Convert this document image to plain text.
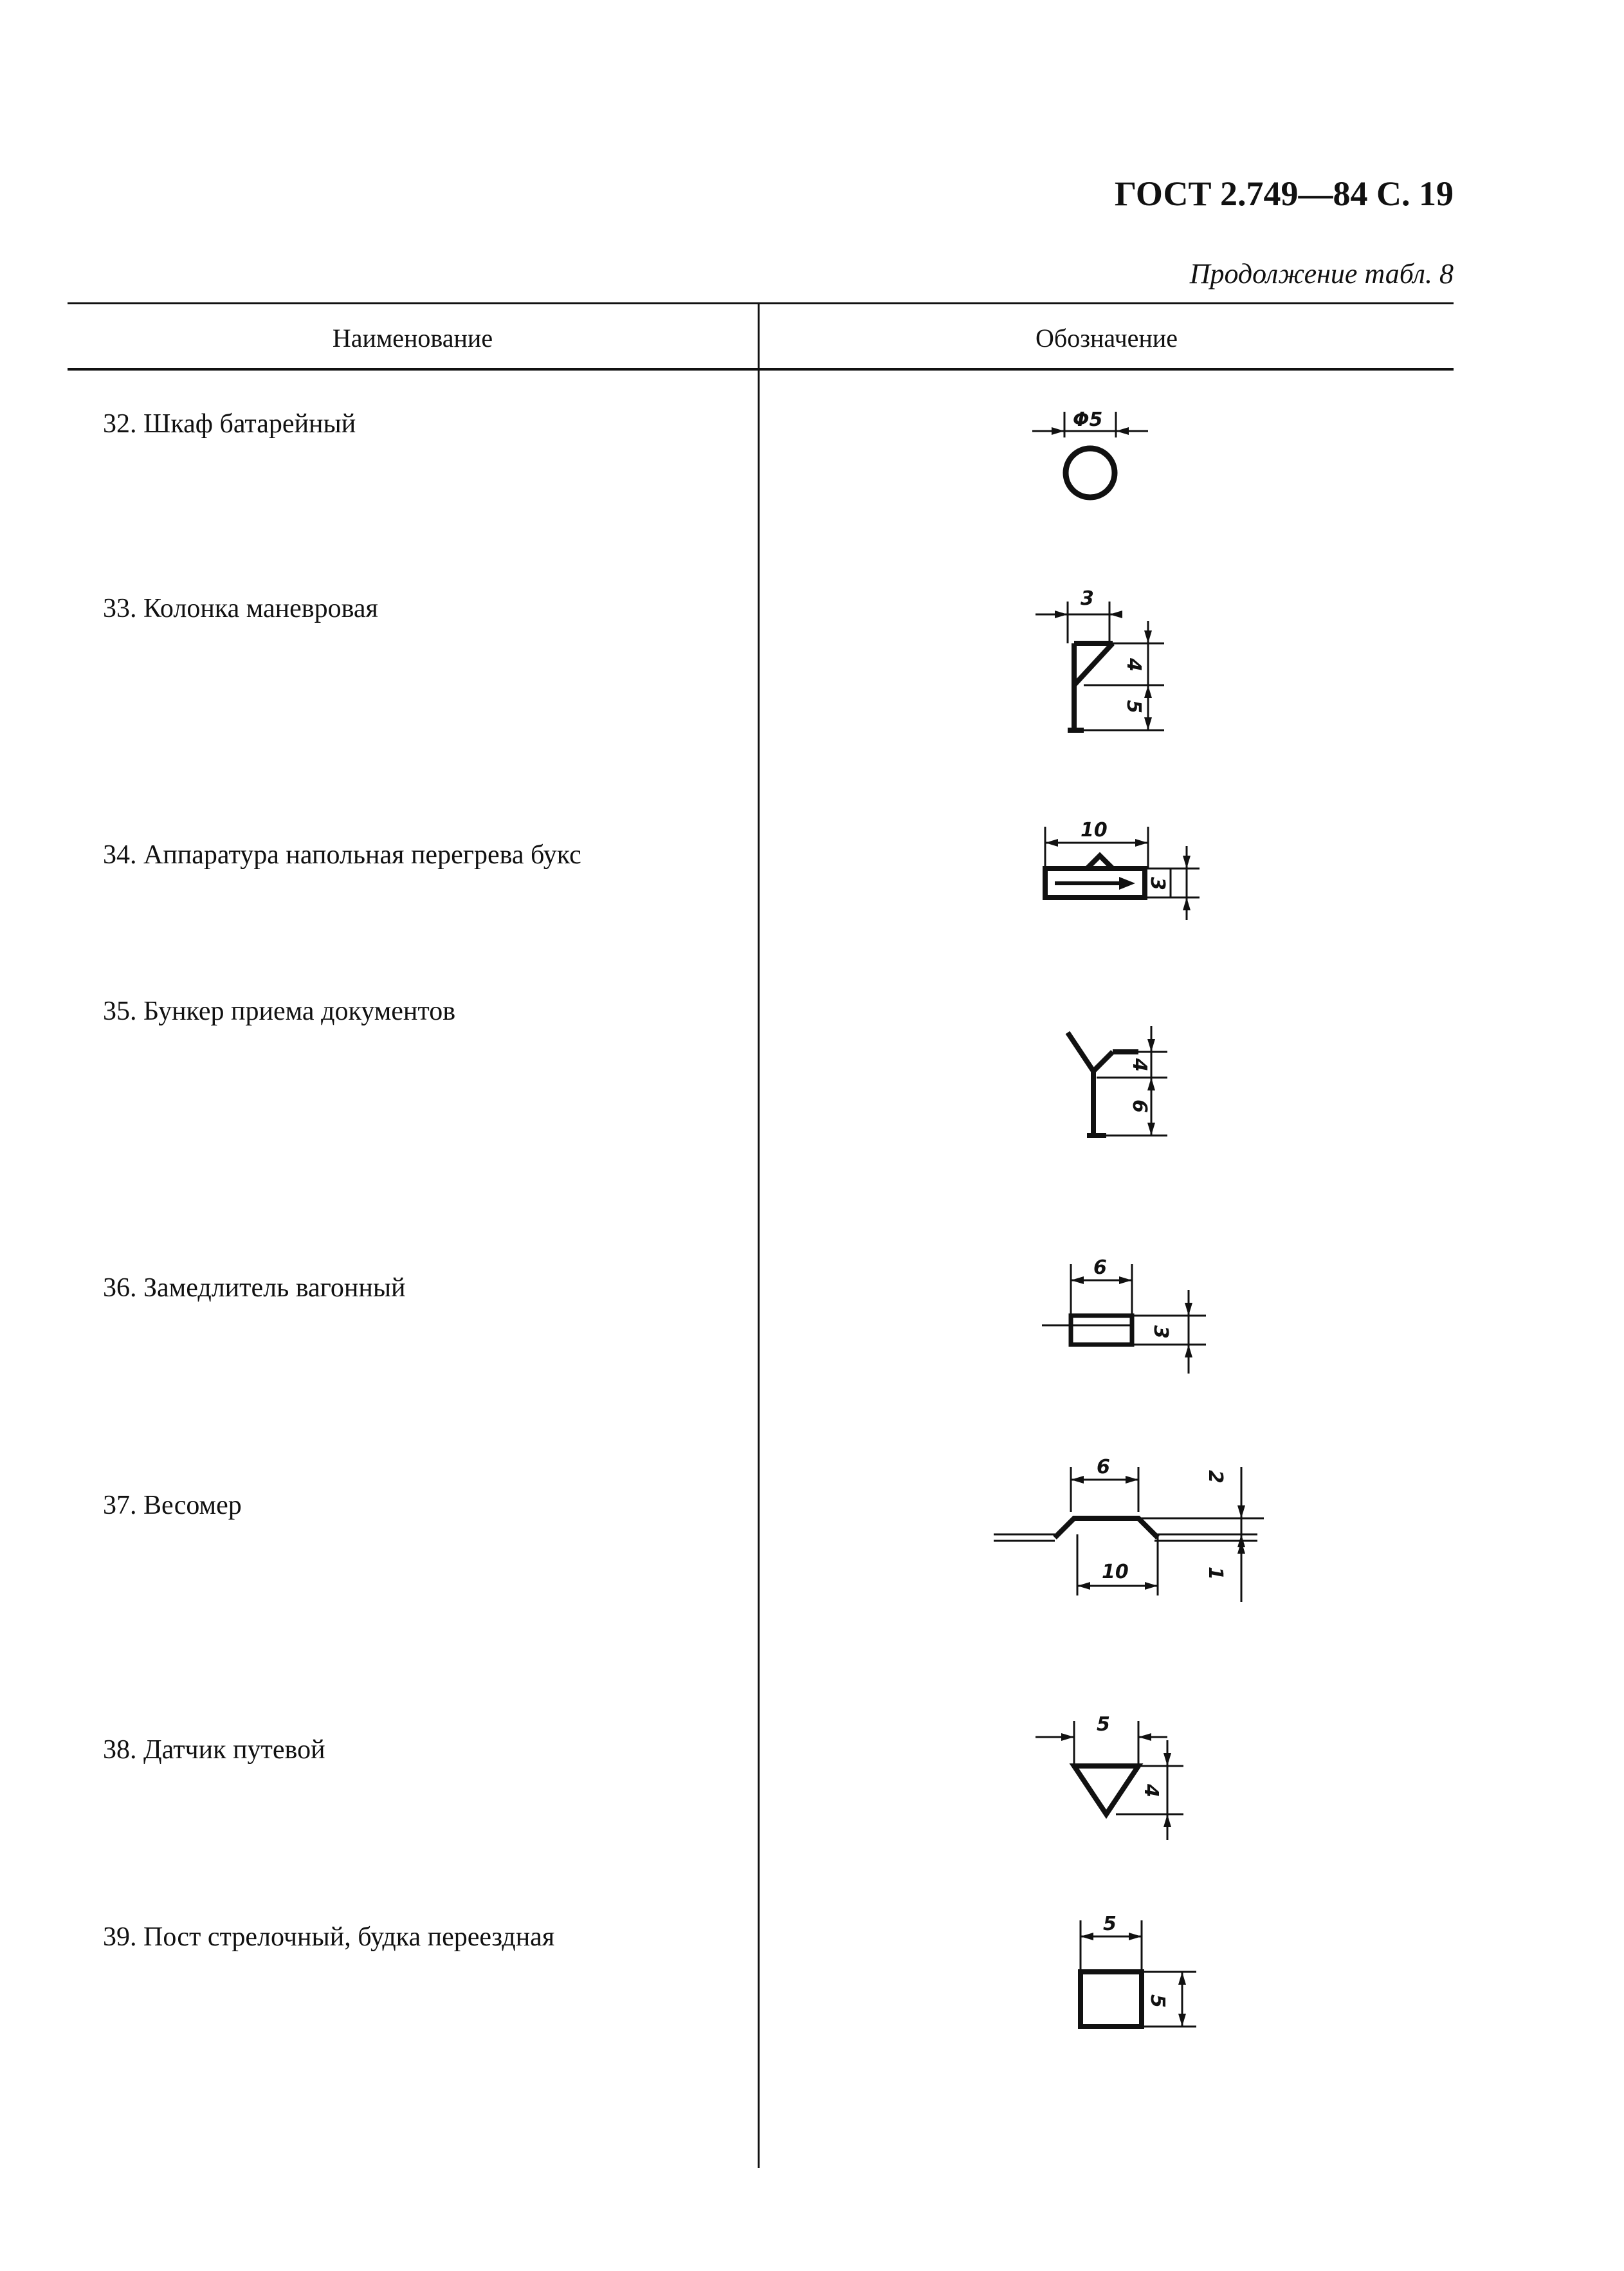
ГОСТ 2.749—84 С. 19
Продолжение табл. 8
Наименование	Обозначение
32. Шкаф батарейный
33. Колонка маневровая
34. Аппаратура напольная перегрева букс
35. Бункер приема документов
36. Замедлитель вагонный
37. Весомер
38. Датчик путевой
39. Пост стрелочный, будка переездная
Φ5
3
4
5
10
3
4
6
6
3
6
10
2
1
5
4
5
5
